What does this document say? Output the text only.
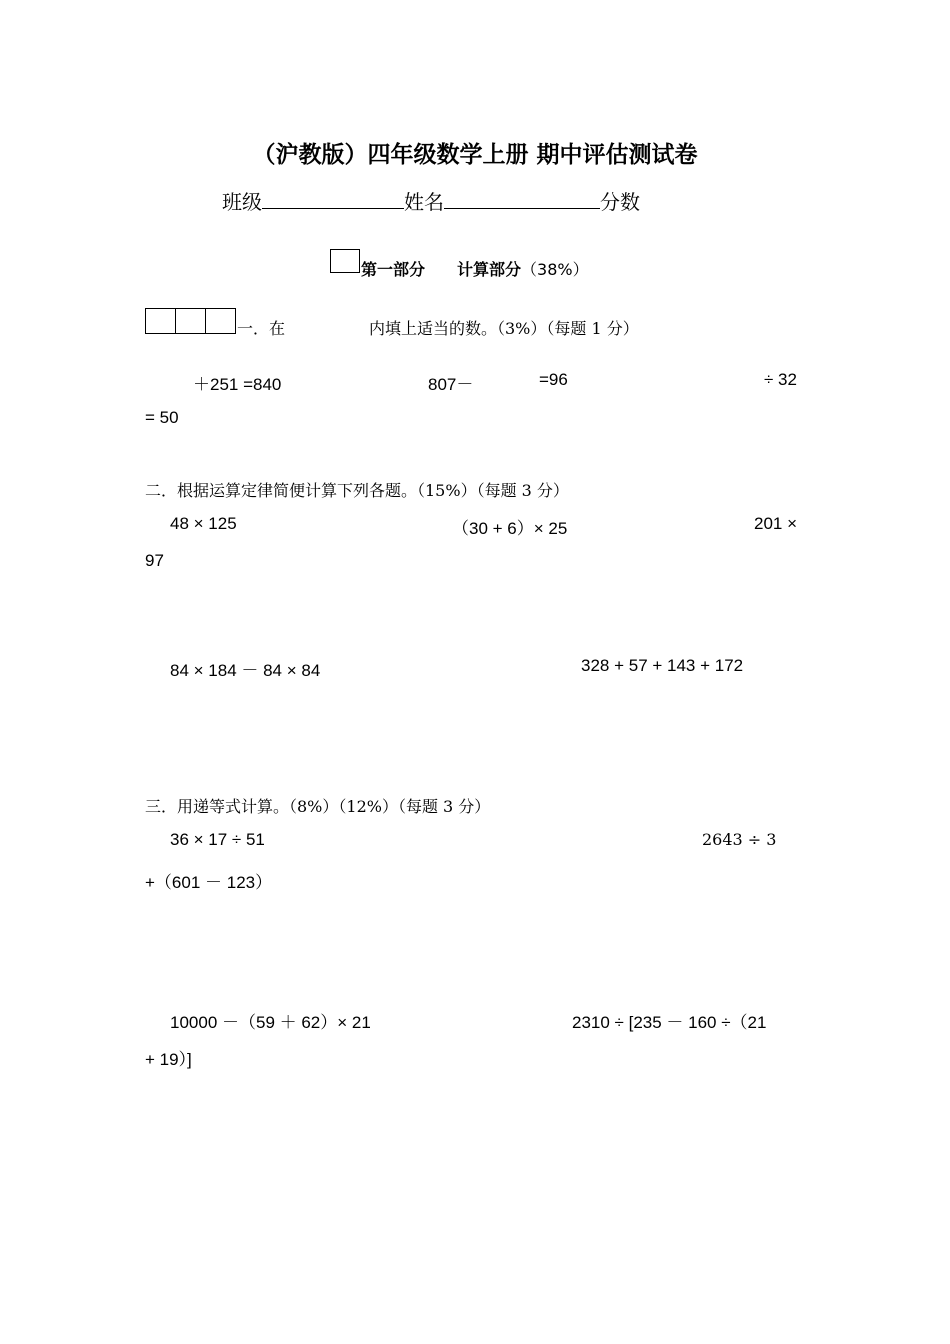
（沪教版）四年级数学上册 期中评估测试卷
班级	姓名	分数
第一部分 计算部分（38%）
一．在	内填上适当的数。（3%）（每题 1 分）
＋251 =840	807－	=96	÷ 32
= 50
二．根据运算定律简便计算下列各题。（15%）（每题 3 分）
48 × 125	（30 + 6）× 25	201 ×
97
84 × 184 － 84 × 84	328 + 57 + 143 + 172
三．用递等式计算。（8%）（12%）（每题 3 分）
36 × 17 ÷ 51	2643 ÷ 3
+（601 － 123）
10000 －（59 ＋ 62）× 21	2310 ÷ [235 － 160 ÷（21
+ 19）]
